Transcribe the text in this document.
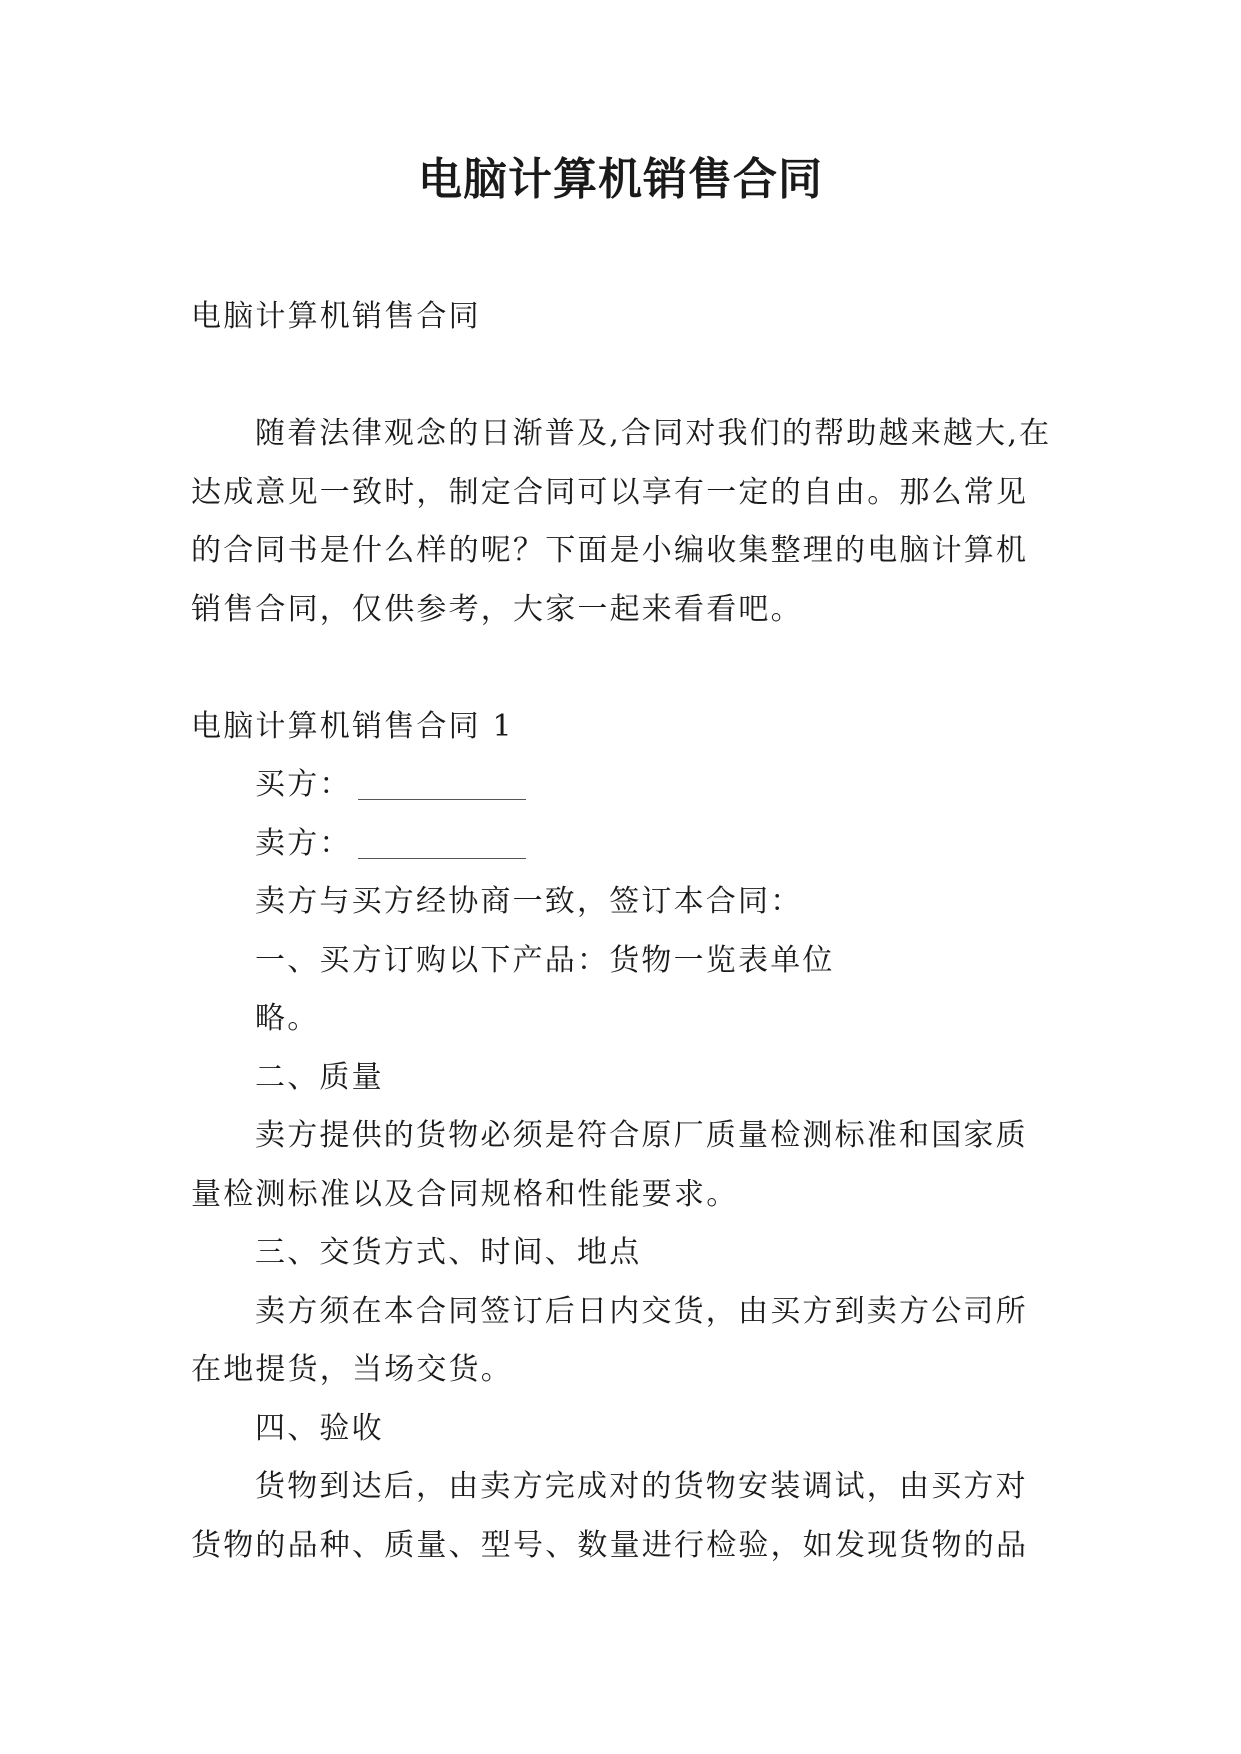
电脑计算机销售合同

电脑计算机销售合同

随着法律观念的日渐普及,合同对我们的帮助越来越大,在达成意见一致时，制定合同可以享有一定的自由。那么常见的合同书是什么样的呢？下面是小编收集整理的电脑计算机销售合同，仅供参考，大家一起来看看吧。

电脑计算机销售合同 1

买方：

卖方：

卖方与买方经协商一致，签订本合同：

一、买方订购以下产品：货物一览表单位

略。

二、质量

卖方提供的货物必须是符合原厂质量检测标准和国家质量检测标准以及合同规格和性能要求。

三、交货方式、时间、地点

卖方须在本合同签订后日内交货，由买方到卖方公司所在地提货，当场交货。

四、验收

货物到达后，由卖方完成对的货物安装调试，由买方对货物的品种、质量、型号、数量进行检验，如发现货物的品
